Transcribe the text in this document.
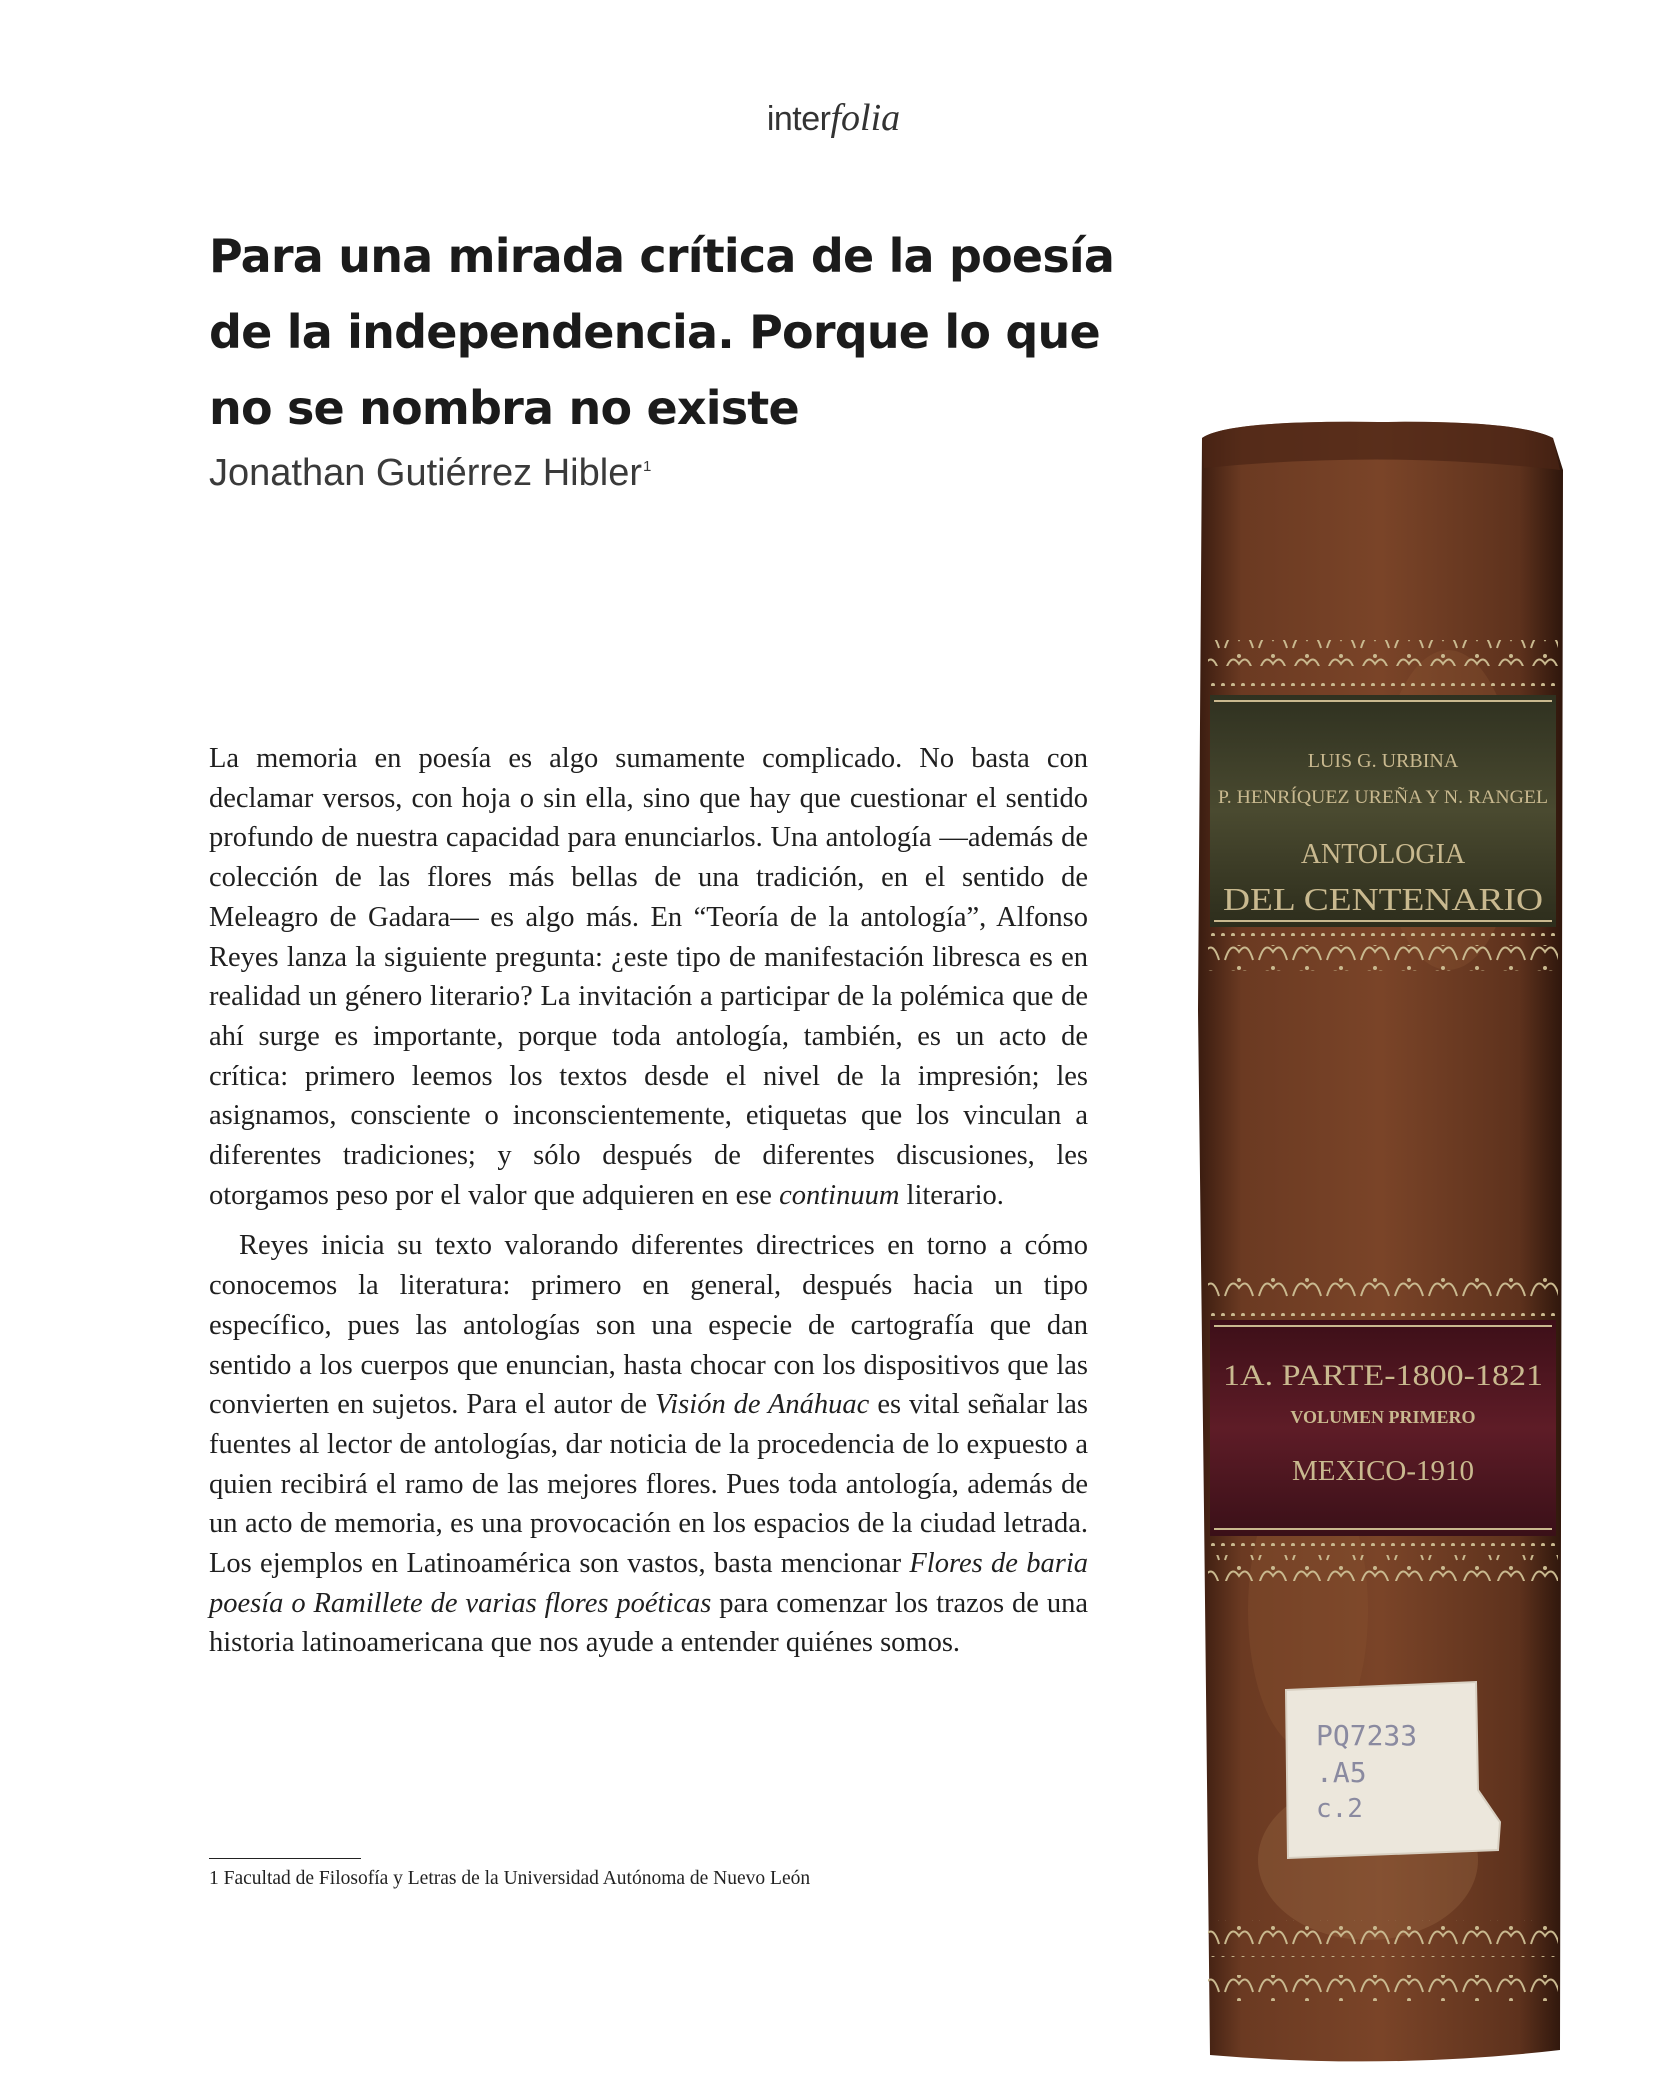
interfolia
Para una mirada crítica de la poesía
de la independencia. Porque lo que
no se nombra no existe

Jonathan Gutiérrez Hibler$^1$

La memoria en poesía es algo sumamente complicado. No basta con declamar versos, con hoja o sin ella, sino que hay que cuestionar el sentido profundo de nuestra capacidad para enunciarlos. Una antología —además de colección de las flores más bellas de una tradición, en el sentido de Meleagro de Gadara— es algo más. En “Teoría de la antología”, Alfonso Reyes lanza la siguiente pregunta: ¿este tipo de manifestación libresca es en realidad un género literario? La invitación a participar de la polémica que de ahí surge es importante, porque toda antología, también, es un acto de crítica: primero leemos los textos desde el nivel de la impresión; les asignamos, consciente o inconscientemente, etiquetas que los vinculan a diferentes tradiciones; y sólo después de diferentes discusiones, les otorgamos peso por el valor que adquieren en ese continuum literario.

Reyes inicia su texto valorando diferentes directrices en torno a cómo conocemos la literatura: primero en general, después hacia un tipo específico, pues las antologías son una especie de cartografía que dan sentido a los cuerpos que enuncian, hasta chocar con los dispositivos que las convierten en sujetos. Para el autor de Visión de Anáhuac es vital señalar las fuentes al lector de antologías, dar noticia de la procedencia de lo expuesto a quien recibirá el ramo de las mejores flores. Pues toda antología, además de un acto de memoria, es una provocación en los espacios de la ciudad letrada. Los ejemplos en Latinoamérica son vastos, basta mencionar Flores de baria poesía o Ramillete de varias flores poéticas para comenzar los trazos de una historia latinoamericana que nos ayude a entender quiénes somos.

1 Facultad de Filosofía y Letras de la Universidad Autónoma de Nuevo León
LUIS G. URBINA
P. HENRÍQUEZ UREÑA Y N. RANGEL
ANTOLOGIA
DEL CENTENARIO
1A. PARTE-1800-1821
VOLUMEN PRIMERO
MEXICO-1910
PQ7233
.A5
c.2
